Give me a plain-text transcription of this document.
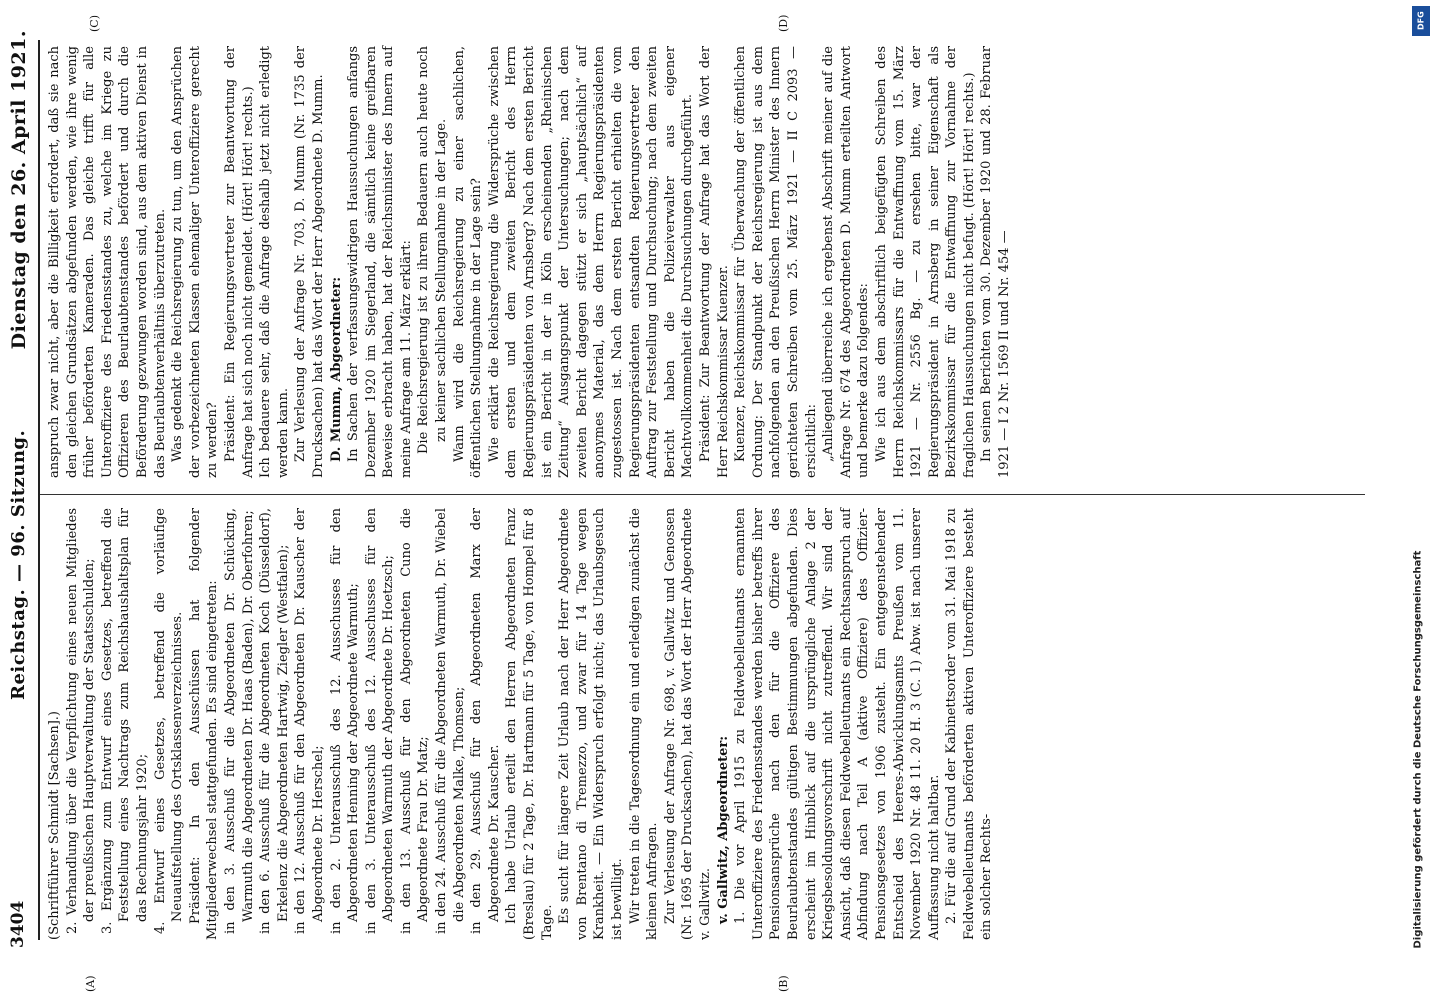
3404
Reichstag. — 96. Sitzung.
Dienstag den 26. April 1921.
(A)	(B)
(C)	(D)

(Schriftführer Schmidt [Sachsen].) 2. Verhandlung über die Verpflichtung eines neuen Mitgliedes der preußischen Hauptverwaltung der Staatsschulden; 3. Ergänzung zum Entwurf eines Gesetzes, betreffend die Feststellung eines Nachtrags zum Reichshaushaltsplan für das Rechnungsjahr 1920; 4. Entwurf eines Gesetzes, betreffend die vorläufige Neuaufstellung des Ortsklassenverzeichnisses. Präsident: In den Ausschüssen hat folgender Mitgliederwechsel stattgefunden. Es sind eingetreten: in den 3. Ausschuß für die Abgeordneten Dr. Schücking, Warmuth die Abgeordneten Dr. Haas (Baden), Dr. Oberfohren; in den 6. Ausschuß für die Abgeordneten Koch (Düsseldorf), Erkelenz die Abgeordneten Hartwig, Ziegler (Westfalen); in den 12. Ausschuß für den Abgeordneten Dr. Kauscher der Abgeordnete Dr. Herschel; in den 2. Unterausschuß des 12. Ausschusses für den Abgeordneten Henning der Abgeordnete Warmuth; in den 3. Unterausschuß des 12. Ausschusses für den Abgeordneten Warmuth der Abgeordnete Dr. Hoetzsch; in den 13. Ausschuß für den Abgeordneten Cuno die Abgeordnete Frau Dr. Matz; in den 24. Ausschuß für die Abgeordneten Warmuth, Dr. Wiebel die Abgeordneten Malke, Thomsen; in den 29. Ausschuß für den Abgeordneten Marx der Abgeordnete Dr. Kauscher. Ich habe Urlaub erteilt den Herren Abgeordneten Franz (Breslau) für 2 Tage, Dr. Hartmann für 5 Tage, von Hompel für 8 Tage. Es sucht für längere Zeit Urlaub nach der Herr Abgeordnete von Brentano di Tremezzo, und zwar für 14 Tage wegen Krankheit. — Ein Widerspruch erfolgt nicht; das Urlaubsgesuch ist bewilligt. Wir treten in die Tagesordnung ein und erledigen zunächst die kleinen Anfragen. Zur Verlesung der Anfrage Nr. 698, v. Gallwitz und Genossen (Nr. 1695 der Drucksachen), hat das Wort der Herr Abgeordnete v. Gallwitz. v. Gallwitz, Abgeordneter: 1. Die vor April 1915 zu Feldwebelleutnants ernannten Unteroffiziere des Friedensstandes werden bisher betreffs ihrer Pensionsansprüche nach den für die Offiziere des Beurlaubtenstandes gültigen Bestimmungen abgefunden. Dies erscheint im Hinblick auf die ursprüngliche Anlage 2 der Kriegsbesoldungsvorschrift nicht zutreffend. Wir sind der Ansicht, daß diesen Feldwebelleutnants ein Rechtsanspruch auf Abfindung nach Teil A (aktive Offiziere) des Offizier-Pensionsgesetzes von 1906 zusteht. Ein entgegenstehender Entscheid des Heeres-Abwicklungsamts Preußen vom 11. November 1920 Nr. 48 11. 20 H. 3 (C. 1) Abw. ist nach unserer Auffassung nicht haltbar. 2. Für die auf Grund der Kabinettsorder vom 31. Mai 1918 zu Feldwebelleutnants beförderten aktiven Unteroffiziere besteht ein solcher Rechts-

anspruch zwar nicht, aber die Billigkeit erfordert, daß sie nach den gleichen Grundsätzen abgefunden werden, wie ihre wenig früher beförderten Kameraden. Das gleiche trifft für alle Unteroffiziere des Friedensstandes zu, welche im Kriege zu Offizieren des Beurlaubtenstandes befördert und durch die Beförderung gezwungen worden sind, aus dem aktiven Dienst in das Beurlaubtenverhältnis überzutreten. Was gedenkt die Reichsregierung zu tun, um den Ansprüchen der vorbezeichneten Klassen ehemaliger Unteroffiziere gerecht zu werden? Präsident: Ein Regierungsvertreter zur Beantwortung der Anfrage hat sich noch nicht gemeldet. (Hört! Hört! rechts.) Ich bedauere sehr, daß die Anfrage deshalb jetzt nicht erledigt werden kann. Zur Verlesung der Anfrage Nr. 703, D. Mumm (Nr. 1735 der Drucksachen) hat das Wort der Herr Abgeordnete D. Mumm. D. Mumm, Abgeordneter: In Sachen der verfassungswidrigen Haussuchungen anfangs Dezember 1920 im Siegerland, die sämtlich keine greifbaren Beweise erbracht haben, hat der Reichsminister des Innern auf meine Anfrage am 11. März erklärt: Die Reichsregierung ist zu ihrem Bedauern auch heute noch zu keiner sachlichen Stellungnahme in der Lage. Wann wird die Reichsregierung zu einer sachlichen, öffentlichen Stellungnahme in der Lage sein? Wie erklärt die Reichsregierung die Widersprüche zwischen dem ersten und dem zweiten Bericht des Herrn Regierungspräsidenten von Arnsberg? Nach dem ersten Bericht ist ein Bericht in der in Köln erscheinenden „Rheinischen Zeitung“ Ausgangspunkt der Untersuchungen; nach dem zweiten Bericht dagegen stützt er sich „hauptsächlich“ auf anonymes Material, das dem Herrn Regierungspräsidenten zugestossen ist. Nach dem ersten Bericht erhielten die vom Regierungspräsidenten entsandten Regierungsvertreter den Auftrag zur Feststellung und Durchsuchung; nach dem zweiten Bericht haben die Polizeiverwalter aus eigener Machtvollkommenheit die Durchsuchungen durchgeführt. Präsident: Zur Beantwortung der Anfrage hat das Wort der Herr Reichskommissar Kuenzer. Kuenzer, Reichskommissar für Überwachung der öffentlichen Ordnung: Der Standpunkt der Reichsregierung ist aus dem nachfolgenden an den Preußischen Herrn Minister des Innern gerichteten Schreiben vom 25. März 1921 — II C 2093 — ersichtlich: „Anliegend überreiche ich ergebenst Abschrift meiner auf die Anfrage Nr. 674 des Abgeordneten D. Mumm erteilten Antwort und bemerke dazu folgendes: Wie ich aus dem abschriftlich beigefügten Schreiben des Herrn Reichskommissars für die Entwaffnung vom 15. März 1921 — Nr. 2556 Bg. — zu ersehen bitte, war der Regierungspräsident in Arnsberg in seiner Eigenschaft als Bezirkskommissar für die Entwaffnung zur Vornahme der fraglichen Haussuchungen nicht befugt. (Hört! Hört! rechts.) In seinen Berichten vom 30. Dezember 1920 und 28. Februar 1921 — I 2 Nr. 1569 II und Nr. 454 —

DFG
Digitalisierung gefördert durch die Deutsche Forschungsgemeinschaft
